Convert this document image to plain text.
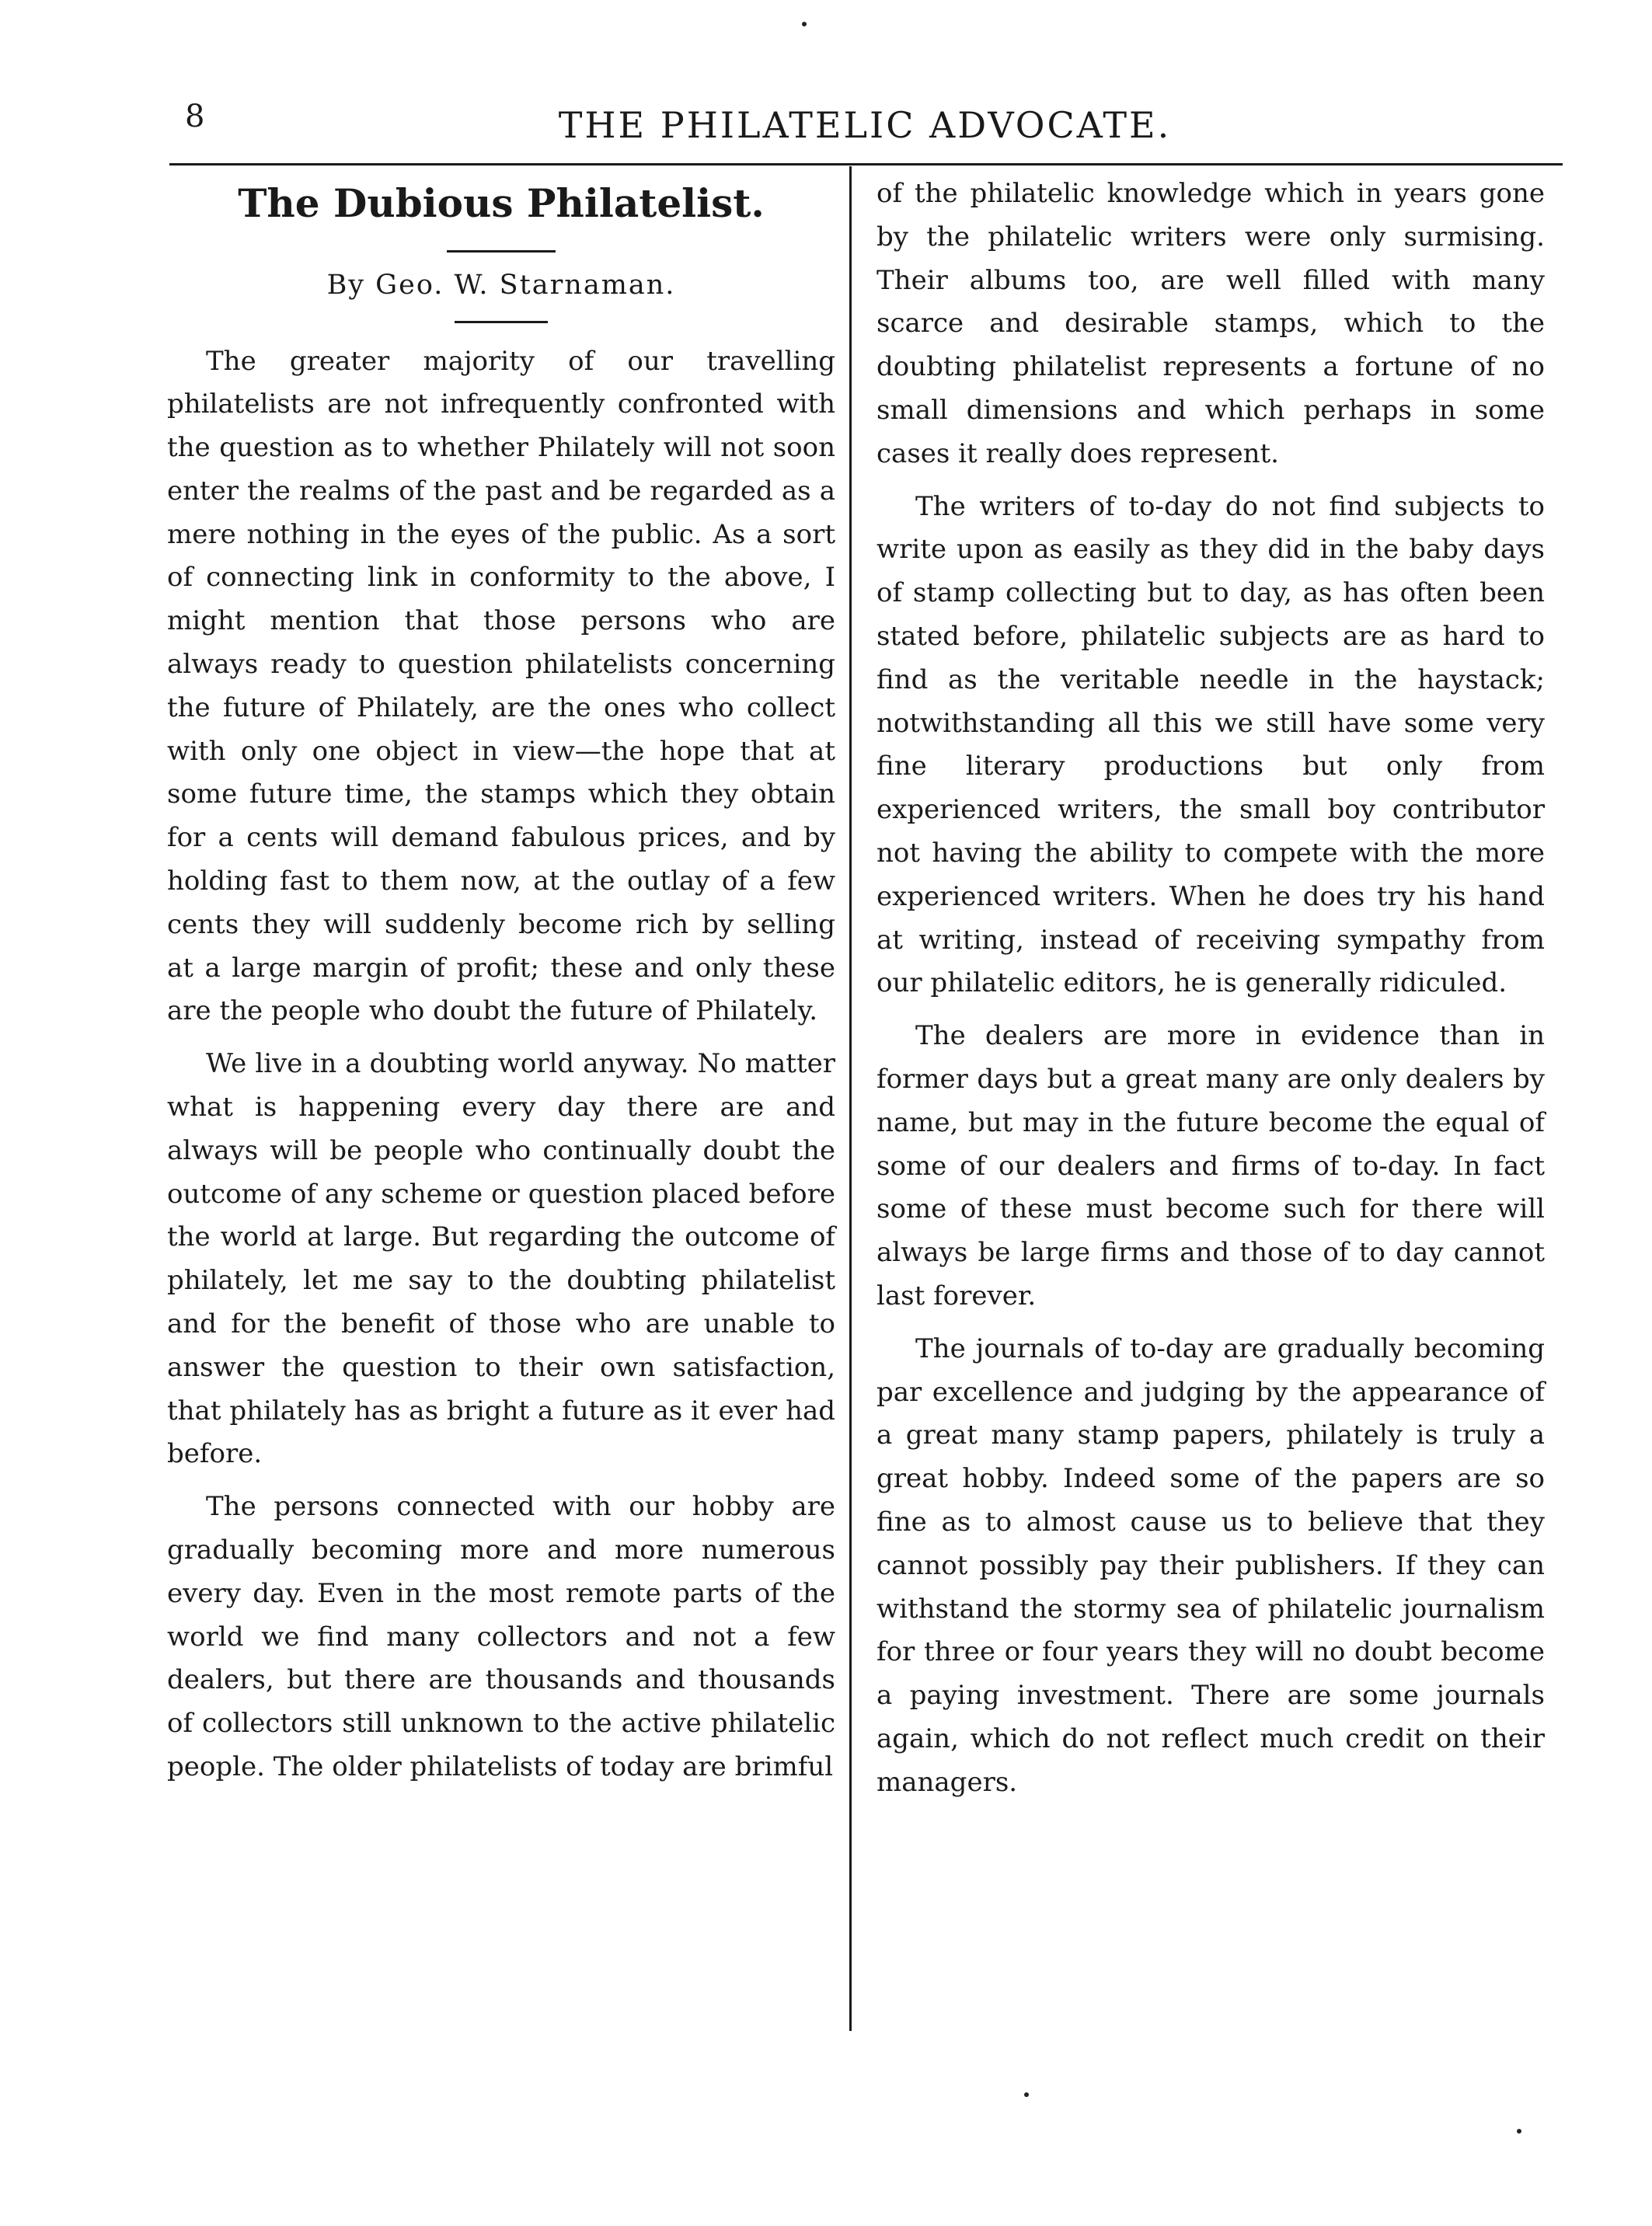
8	THE PHILATELIC ADVOCATE.
The Dubious Philatelist.

By Geo. W. Starnaman.

The greater majority of our travelling philatelists are not infrequently confronted with the question as to whether Philately will not soon enter the realms of the past and be regarded as a mere nothing in the eyes of the public. As a sort of connecting link in conformity to the above, I might mention that those persons who are always ready to question philatelists concerning the future of Philately, are the ones who collect with only one object in view—the hope that at some future time, the stamps which they obtain for a cents will demand fabulous prices, and by holding fast to them now, at the outlay of a few cents they will suddenly become rich by selling at a large margin of profit; these and only these are the people who doubt the future of Philately.

We live in a doubting world anyway. No matter what is happening every day there are and always will be people who continually doubt the outcome of any scheme or question placed before the world at large. But regarding the outcome of philately, let me say to the doubting philatelist and for the benefit of those who are unable to answer the question to their own satisfaction, that philately has as bright a future as it ever had before.

The persons connected with our hobby are gradually becoming more and more numerous every day. Even in the most remote parts of the world we find many collectors and not a few dealers, but there are thousands and thousands of collectors still unknown to the active philatelic people. The older philatelists of today are brimful

of the philatelic knowledge which in years gone by the philatelic writers were only surmising. Their albums too, are well filled with many scarce and desirable stamps, which to the doubting philatelist represents a fortune of no small dimensions and which perhaps in some cases it really does represent.

The writers of to-day do not find subjects to write upon as easily as they did in the baby days of stamp collecting but to day, as has often been stated before, philatelic subjects are as hard to find as the veritable needle in the haystack; notwithstanding all this we still have some very fine literary productions but only from experienced writers, the small boy contributor not having the ability to compete with the more experienced writers. When he does try his hand at writing, instead of receiving sympathy from our philatelic editors, he is generally ridiculed.

The dealers are more in evidence than in former days but a great many are only dealers by name, but may in the future become the equal of some of our dealers and firms of to-day. In fact some of these must become such for there will always be large firms and those of to day cannot last forever.

The journals of to-day are gradually becoming par excellence and judging by the appearance of a great many stamp papers, philately is truly a great hobby. Indeed some of the papers are so fine as to almost cause us to believe that they cannot possibly pay their publishers. If they can withstand the stormy sea of philatelic journalism for three or four years they will no doubt become a paying investment. There are some journals again, which do not reflect much credit on their managers.
